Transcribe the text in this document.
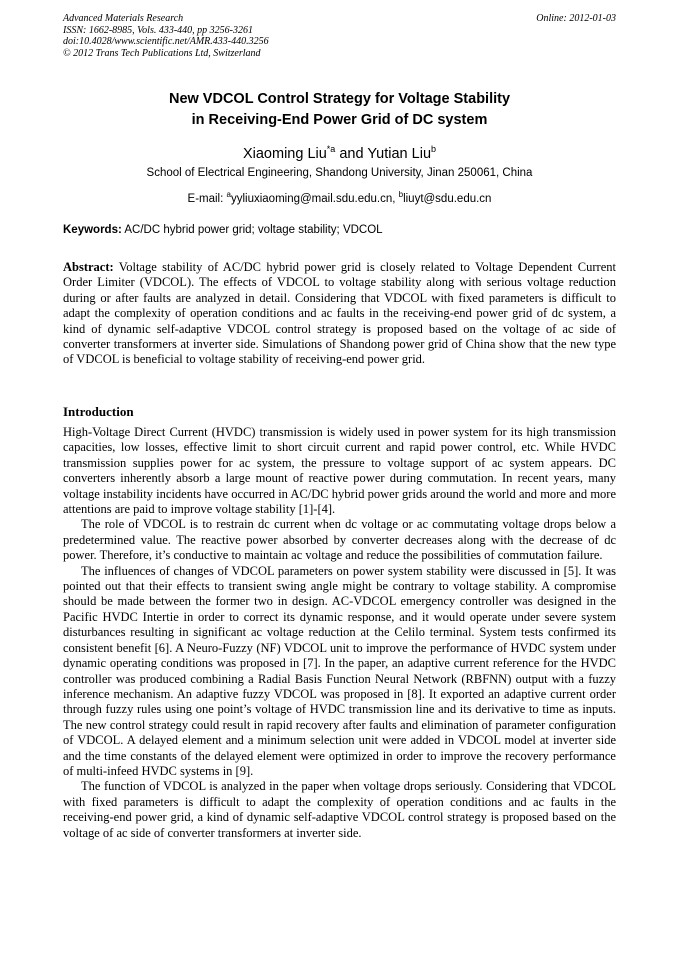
Advanced Materials Research
ISSN: 1662-8985, Vols. 433-440, pp 3256-3261
doi:10.4028/www.scientific.net/AMR.433-440.3256
© 2012 Trans Tech Publications Ltd, Switzerland
Online: 2012-01-03
New VDCOL Control Strategy for Voltage Stability
in Receiving-End Power Grid of DC system
Xiaoming Liu$^{*a}$ and Yutian Liu$^b$
School of Electrical Engineering, Shandong University, Jinan 250061, China
E-mail: $^a$yyliuxiaoming@mail.sdu.edu.cn, $^b$liuyt@sdu.edu.cn
Keywords: AC/DC hybrid power grid; voltage stability; VDCOL
Abstract: Voltage stability of AC/DC hybrid power grid is closely related to Voltage Dependent Current Order Limiter (VDCOL). The effects of VDCOL to voltage stability along with serious voltage reduction during or after faults are analyzed in detail. Considering that VDCOL with fixed parameters is difficult to adapt the complexity of operation conditions and ac faults in the receiving-end power grid of dc system, a kind of dynamic self-adaptive VDCOL control strategy is proposed based on the voltage of ac side of converter transformers at inverter side. Simulations of Shandong power grid of China show that the new type of VDCOL is beneficial to voltage stability of receiving-end power grid.
Introduction

High-Voltage Direct Current (HVDC) transmission is widely used in power system for its high transmission capacities, low losses, effective limit to short circuit current and rapid power control, etc. While HVDC transmission supplies power for ac system, the pressure to voltage support of ac system appears. DC converters inherently absorb a large mount of reactive power during commutation. In recent years, many voltage instability incidents have occurred in AC/DC hybrid power grids around the world and more and more attentions are paid to improve voltage stability [1]-[4].

The role of VDCOL is to restrain dc current when dc voltage or ac commutating voltage drops below a predetermined value. The reactive power absorbed by converter decreases along with the decrease of dc power. Therefore, it’s conductive to maintain ac voltage and reduce the possibilities of commutation failure.

The influences of changes of VDCOL parameters on power system stability were discussed in [5]. It was pointed out that their effects to transient swing angle might be contrary to voltage stability. A compromise should be made between the former two in design. AC-VDCOL emergency controller was designed in the Pacific HVDC Intertie in order to correct its dynamic response, and it would operate under severe system disturbances resulting in significant ac voltage reduction at the Celilo terminal. System tests confirmed its consistent benefit [6]. A Neuro-Fuzzy (NF) VDCOL unit to improve the performance of HVDC system under dynamic operating conditions was proposed in [7]. In the paper, an adaptive current reference for the HVDC controller was produced combining a Radial Basis Function Neural Network (RBFNN) output with a fuzzy inference mechanism. An adaptive fuzzy VDCOL was proposed in [8]. It exported an adaptive current order through fuzzy rules using one point’s voltage of HVDC transmission line and its derivative to time as inputs. The new control strategy could result in rapid recovery after faults and elimination of parameter configuration of VDCOL. A delayed element and a minimum selection unit were added in VDCOL model at inverter side and the time constants of the delayed element were optimized in order to improve the recovery performance of multi-infeed HVDC systems in [9].

The function of VDCOL is analyzed in the paper when voltage drops seriously. Considering that VDCOL with fixed parameters is difficult to adapt the complexity of operation conditions and ac faults in the receiving-end power grid, a kind of dynamic self-adaptive VDCOL control strategy is proposed based on the voltage of ac side of converter transformers at inverter side.
